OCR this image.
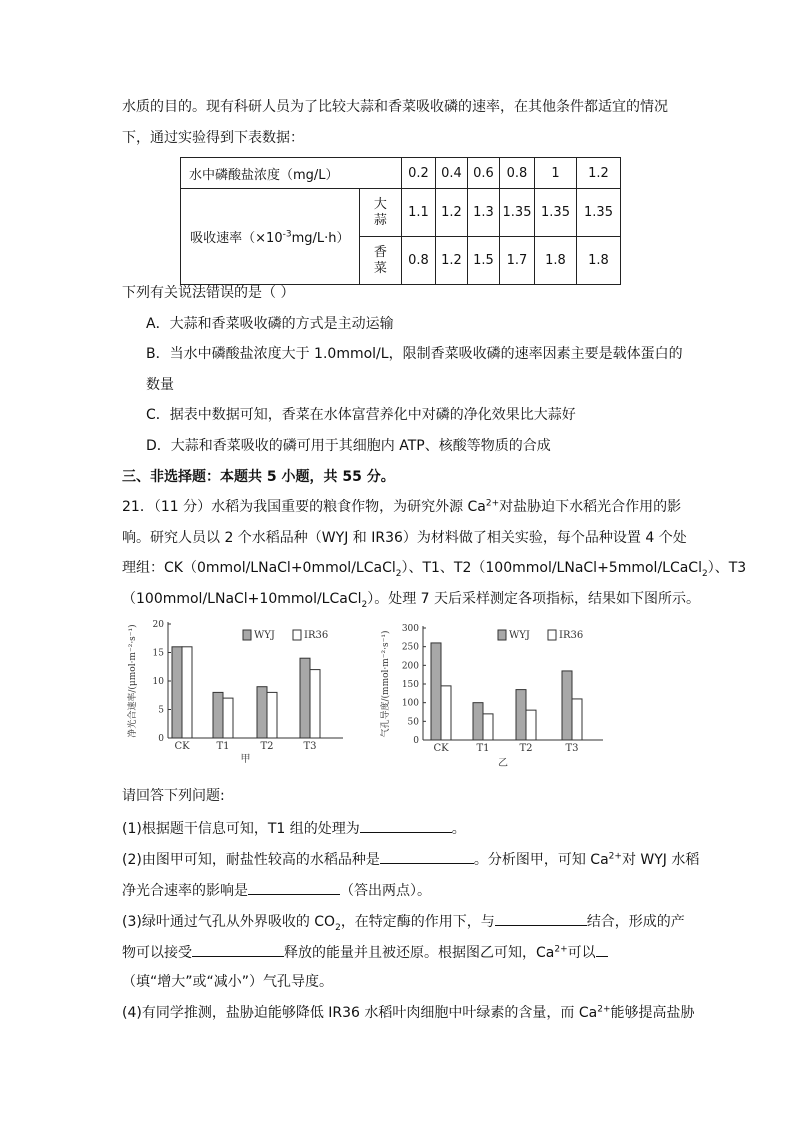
水质的目的。现有科研人员为了比较大蒜和香菜吸收磷的速率，在其他条件都适宜的情况
下，通过实验得到下表数据：
水中磷酸盐浓度（mg/L）		0.2	0.4	0.6	0.8	1	1.2
吸收速率$(\times 10^{-3}mg/L\cdot h)$	大
蒜	1.1	1.2	1.3	1.35	1.35	1.35
	香
菜	0.8	1.2	1.5	1.7	1.8	1.8
下列有关说法错误的是（ ）
A．大蒜和香菜吸收磷的方式是主动运输
B．当水中磷酸盐浓度大于 1.0mmol/L，限制香菜吸收磷的速率因素主要是载体蛋白的
数量
C．据表中数据可知，香菜在水体富营养化中对磷的净化效果比大蒜好
D．大蒜和香菜吸收的磷可用于其细胞内 ATP、核酸等物质的合成
三、非选择题：本题共 5 小题，共 55 分。
21．（11 分）水稻为我国重要的粮食作物，为研究外源 $Ca^{2+}$对盐胁迫下水稻光合作用的影
响。研究人员以 2 个水稻品种（WYJ 和 IR36）为材料做了相关实验，每个品种设置 4 个处
理组：CK（0mmol/LNaCl+0mmol/LCaCl$_2$）、T1、T2（100mmol/LNaCl+5mmol/LCaCl$_2$）、T3
（100mmol/LNaCl+10mmol/LCaCl$_2$）。处理 7 天后采样测定各项指标，结果如下图所示。
0
5
10
15
20
CK	T1	T2	T3
WYJ	IR36
净光合速率/(μmol·m⁻²·s⁻¹)
甲
0
50
100
150
200
250
300
CK	T1	T2	T3
WYJ	IR36
气孔导度/(mmol·m⁻²·s⁻¹)
乙
请回答下列问题:
(1)根据题干信息可知，T1 组的处理为	。
(2)由图甲可知，耐盐性较高的水稻品种是	。分析图甲，可知 $Ca^{2+}$对 WYJ 水稻
净光合速率的影响是	（答出两点）。
(3)绿叶通过气孔从外界吸收的 $CO_2$，在特定酶的作用下，与	结合，形成的产
物可以接受	释放的能量并且被还原。根据图乙可知，$Ca^{2+}$可以
（填“增大”或“减小”）气孔导度。
(4)有同学推测，盐胁迫能够降低 IR36 水稻叶肉细胞中叶绿素的含量，而 $Ca^{2+}$能够提高盐胁
